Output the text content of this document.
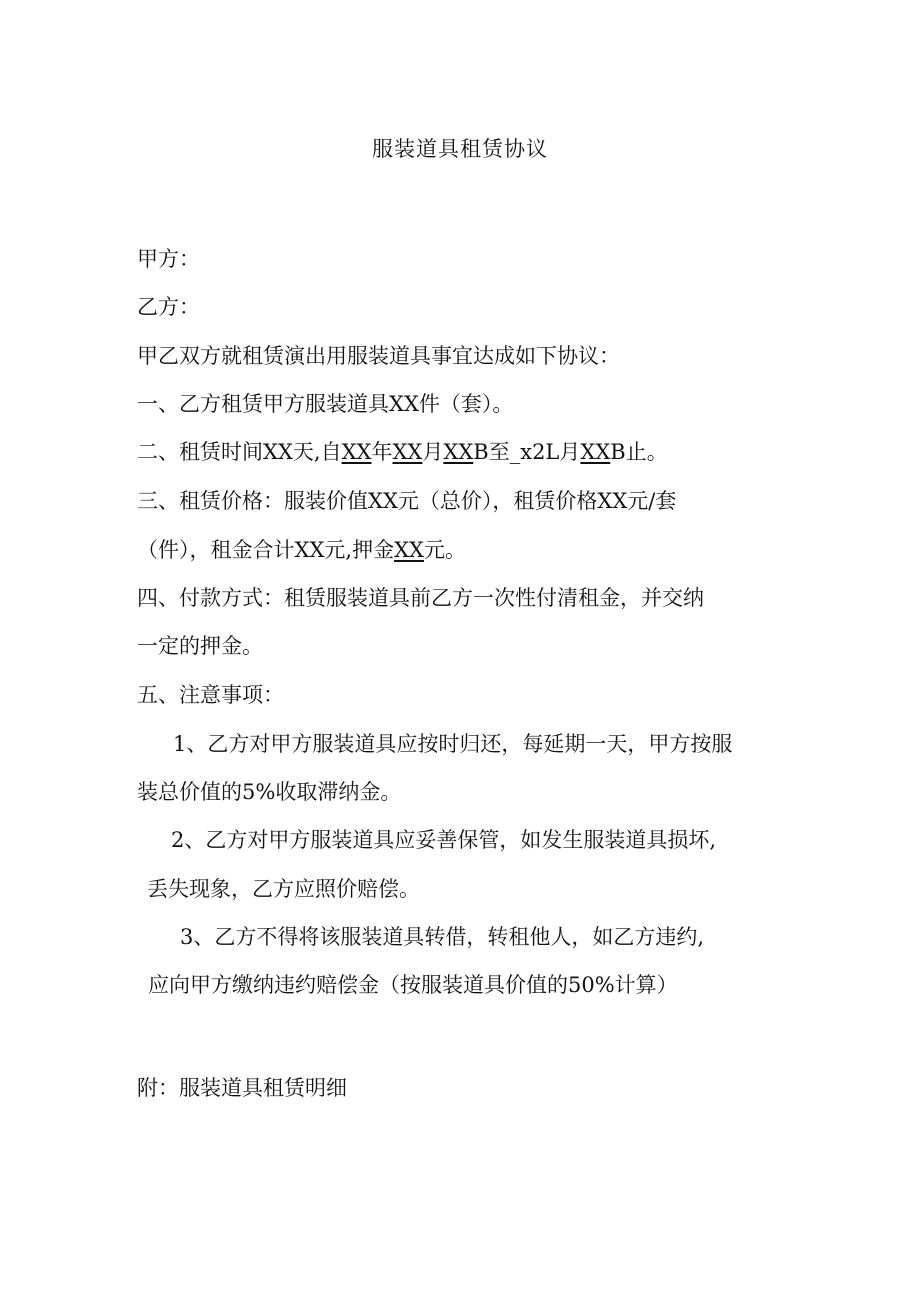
服装道具租赁协议
甲方：
乙方：
甲乙双方就租赁演出用服装道具事宜达成如下协议：
一、乙方租赁甲方服装道具XX件（套）。
二、租赁时间XX天,自XX年XX月XXB至_x2L月XXB止。
三、租赁价格：服装价值XX元（总价），租赁价格XX元/套
（件），租金合计XX元,押金XX元。
四、付款方式：租赁服装道具前乙方一次性付清租金，并交纳
一定的押金。
五、注意事项：
1、乙方对甲方服装道具应按时归还，每延期一天，甲方按服
装总价值的5%收取滞纳金。
2、乙方对甲方服装道具应妥善保管，如发生服装道具损坏,
丢失现象，乙方应照价赔偿。
3、乙方不得将该服装道具转借，转租他人，如乙方违约,
应向甲方缴纳违约赔偿金（按服装道具价值的50%计算）
附：服装道具租赁明细
